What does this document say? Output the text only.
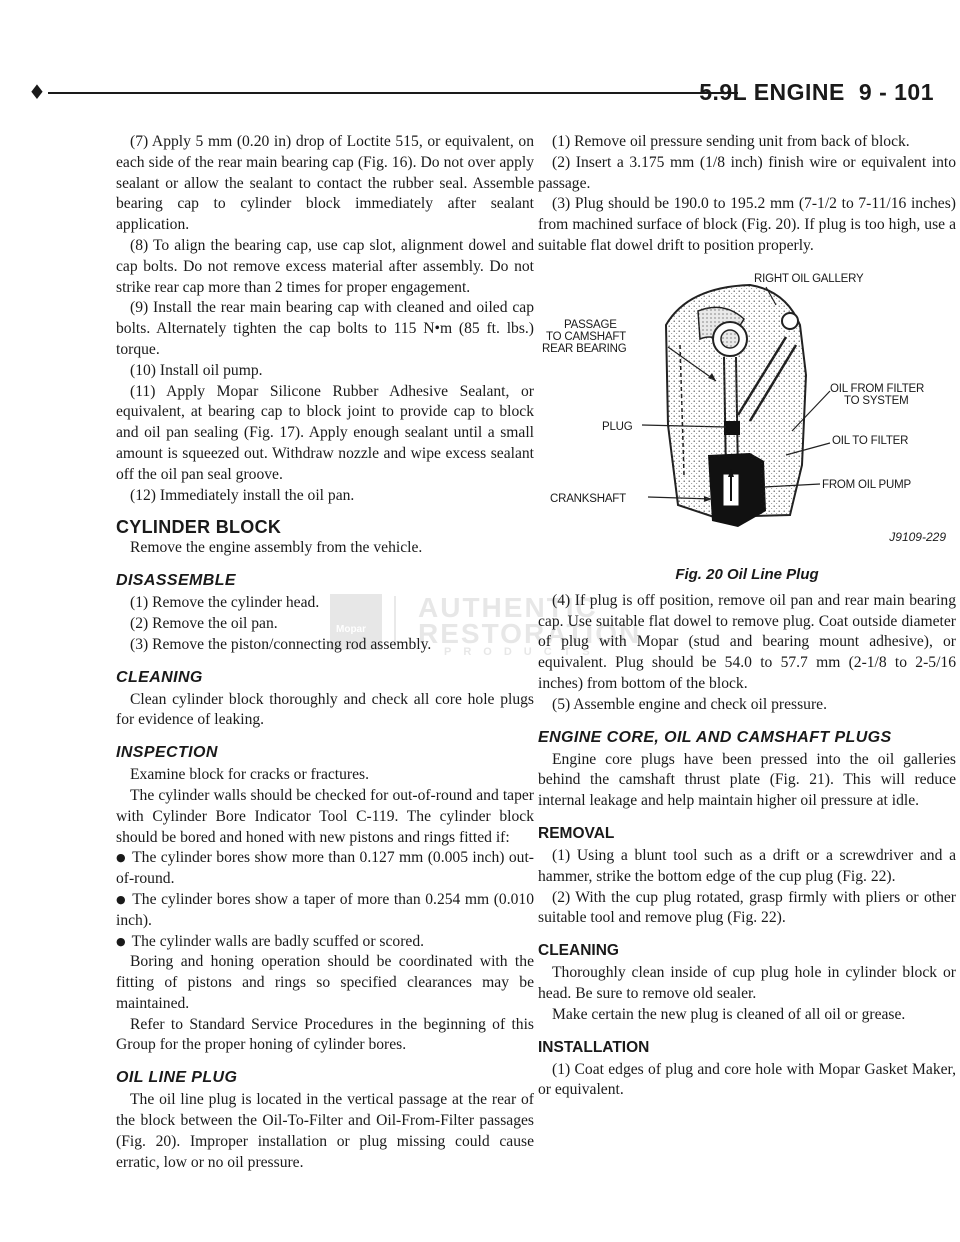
♦	5.9L ENGINE 9 - 101
Mopar
AUTHENTIC
RESTORATION
PRODUCTS

(7) Apply 5 mm (0.20 in) drop of Loctite 515, or equivalent, on each side of the rear main bearing cap (Fig. 16). Do not over apply sealant or allow the sealant to contact the rubber seal. Assemble bearing cap to cylinder block immediately after sealant application.

(8) To align the bearing cap, use cap slot, alignment dowel and cap bolts. Do not remove excess material after assembly. Do not strike rear cap more than 2 times for proper engagement.

(9) Install the rear main bearing cap with cleaned and oiled cap bolts. Alternately tighten the cap bolts to 115 N•m (85 ft. lbs.) torque.

(10) Install oil pump.

(11) Apply Mopar Silicone Rubber Adhesive Sealant, or equivalent, at bearing cap to block joint to provide cap to block and oil pan sealing (Fig. 17). Apply enough sealant until a small amount is squeezed out. Withdraw nozzle and wipe excess sealant off the oil pan seal groove.

(12) Immediately install the oil pan.

CYLINDER BLOCK

Remove the engine assembly from the vehicle.

DISASSEMBLE

(1) Remove the cylinder head.

(2) Remove the oil pan.

(3) Remove the piston/connecting rod assembly.

CLEANING

Clean cylinder block thoroughly and check all core hole plugs for evidence of leaking.

INSPECTION

Examine block for cracks or fractures.

The cylinder walls should be checked for out-of-round and taper with Cylinder Bore Indicator Tool C-119. The cylinder block should be bored and honed with new pistons and rings fitted if:

● The cylinder bores show more than 0.127 mm (0.005 inch) out-of-round.

● The cylinder bores show a taper of more than 0.254 mm (0.010 inch).

● The cylinder walls are badly scuffed or scored.

Boring and honing operation should be coordinated with the fitting of pistons and rings so specified clearances may be maintained.

Refer to Standard Service Procedures in the beginning of this Group for the proper honing of cylinder bores.

OIL LINE PLUG

The oil line plug is located in the vertical passage at the rear of the block between the Oil-To-Filter and Oil-From-Filter passages (Fig. 20). Improper installation or plug missing could cause erratic, low or no oil pressure.

(1) Remove oil pressure sending unit from back of block.

(2) Insert a 3.175 mm (1/8 inch) finish wire or equivalent into passage.

(3) Plug should be 190.0 to 195.2 mm (7-1/2 to 7-11/16 inches) from machined surface of block (Fig. 20). If plug is too high, use a suitable flat dowel drift to position properly.

RIGHT OIL GALLERY
PASSAGE
TO CAMSHAFT
REAR BEARING
OIL FROM FILTER
TO SYSTEM
PLUG
OIL TO FILTER
CRANKSHAFT
FROM OIL PUMP
J9109-229
Fig. 20 Oil Line Plug

(4) If plug is off position, remove oil pan and rear main bearing cap. Use suitable flat dowel to remove plug. Coat outside diameter of plug with Mopar (stud and bearing mount adhesive), or equivalent. Plug should be 54.0 to 57.7 mm (2-1/8 to 2-5/16 inches) from bottom of the block.

(5) Assemble engine and check oil pressure.

ENGINE CORE, OIL AND CAMSHAFT PLUGS

Engine core plugs have been pressed into the oil galleries behind the camshaft thrust plate (Fig. 21). This will reduce internal leakage and help maintain higher oil pressure at idle.

REMOVAL

(1) Using a blunt tool such as a drift or a screwdriver and a hammer, strike the bottom edge of the cup plug (Fig. 22).

(2) With the cup plug rotated, grasp firmly with pliers or other suitable tool and remove plug (Fig. 22).

CLEANING

Thoroughly clean inside of cup plug hole in cylinder block or head. Be sure to remove old sealer.

Make certain the new plug is cleaned of all oil or grease.

INSTALLATION

(1) Coat edges of plug and core hole with Mopar Gasket Maker, or equivalent.
